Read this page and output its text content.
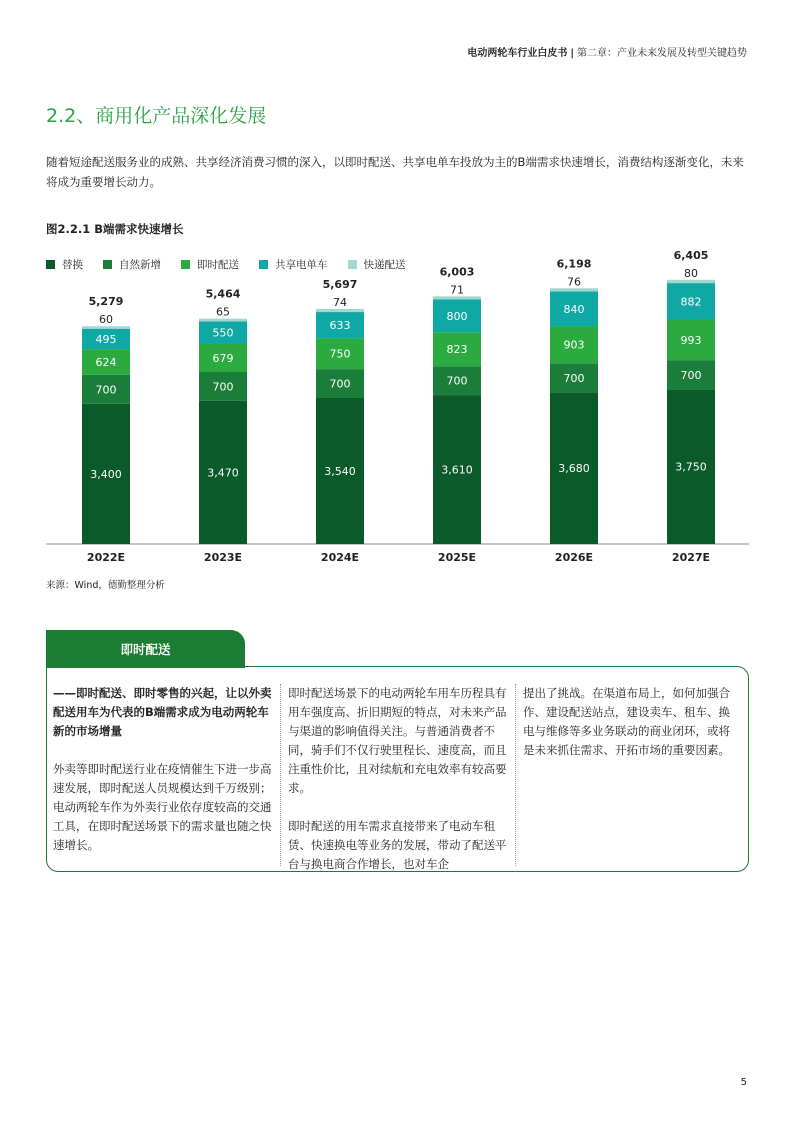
电动两轮车行业白皮书 | 第二章：产业未来发展及转型关键趋势
2.2、商用化产品深化发展
随着短途配送服务业的成熟、共享经济消费习惯的深入，以即时配送、共享电单车投放为主的B端需求快速增长，消费结构逐渐变化，未来将成为重要增长动力。
图2.2.1 B端需求快速增长
替换	自然新增	即时配送	共享电单车	快递配送
3,400
700
624
495
60
5,279
2022E
3,470
700
679
550
65
5,464
2023E
3,540
700
750
633
74
5,697
2024E
3,610
700
823
800
71
6,003
2025E
3,680
700
903
840
76
6,198
2026E
3,750
700
993
882
80
6,405
2027E
来源：Wind，德勤整理分析
即时配送

——即时配送、即时零售的兴起，让以外卖配送用车为代表的B端需求成为电动两轮车新的市场增量

外卖等即时配送行业在疫情催生下进一步高速发展，即时配送人员规模达到千万级别；电动两轮车作为外卖行业依存度较高的交通工具，在即时配送场景下的需求量也随之快速增长。

即时配送场景下的电动两轮车用车历程具有用车强度高、折旧期短的特点，对未来产品与渠道的影响值得关注。与普通消费者不同，骑手们不仅行驶里程长、速度高，而且注重性价比，且对续航和充电效率有较高要求。

即时配送的用车需求直接带来了电动车租赁、快速换电等业务的发展，带动了配送平台与换电商合作增长，也对车企

提出了挑战。在渠道布局上，如何加强合作、建设配送站点，建设卖车、租车、换电与维修等多业务联动的商业闭环，或将是未来抓住需求、开拓市场的重要因素。

5
